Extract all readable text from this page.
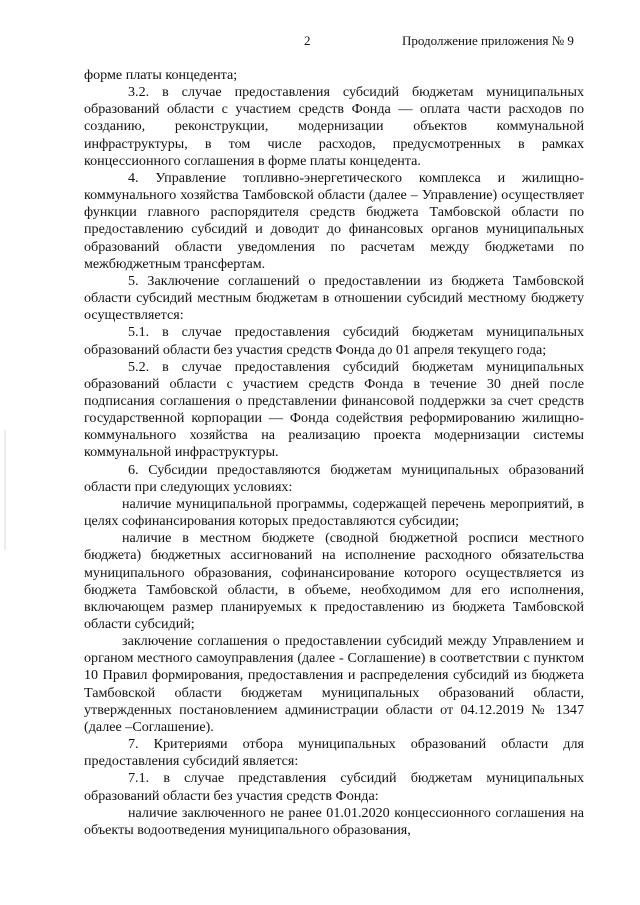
2	Продолжение приложения № 9

форме платы концедента;

3.2. в случае предоставления субсидий бюджетам муниципальных образований области с участием средств Фонда — оплата части расходов по созданию, реконструкции, модернизации объектов коммунальной инфраструктуры, в том числе расходов, предусмотренных в рамках концессионного соглашения в форме платы концедента.

4. Управление топливно-энергетического комплекса и жилищно-коммунального хозяйства Тамбовской области (далее – Управление) осуществляет функции главного распорядителя средств бюджета Тамбовской области по предоставлению субсидий и доводит до финансовых органов муниципальных образований области уведомления по расчетам между бюджетами по межбюджетным трансфертам.

5. Заключение соглашений о предоставлении из бюджета Тамбовской области субсидий местным бюджетам в отношении субсидий местному бюджету осуществляется:

5.1. в случае предоставления субсидий бюджетам муниципальных образований области без участия средств Фонда до 01 апреля текущего года;

5.2. в случае предоставления субсидий бюджетам муниципальных образований области с участием средств Фонда в течение 30 дней после подписания соглашения о представлении финансовой поддержки за счет средств государственной корпорации — Фонда содействия реформированию жилищно-коммунального хозяйства на реализацию проекта модернизации системы коммунальной инфраструктуры.

6. Субсидии предоставляются бюджетам муниципальных образований области при следующих условиях:

наличие муниципальной программы, содержащей перечень мероприятий, в целях софинансирования которых предоставляются субсидии;

наличие в местном бюджете (сводной бюджетной росписи местного бюджета) бюджетных ассигнований на исполнение расходного обязательства муниципального образования, софинансирование которого осуществляется из бюджета Тамбовской области, в объеме, необходимом для его исполнения, включающем размер планируемых к предоставлению из бюджета Тамбовской области субсидий;

заключение соглашения о предоставлении субсидий между Управлением и органом местного самоуправления (далее - Соглашение) в соответствии с пунктом 10 Правил формирования, предоставления и распределения субсидий из бюджета Тамбовской области бюджетам муниципальных образований области, утвержденных постановлением администрации области от 04.12.2019 № 1347 (далее –Соглашение).

7. Критериями отбора муниципальных образований области для предоставления субсидий является:

7.1. в случае представления субсидий бюджетам муниципальных образований области без участия средств Фонда:

наличие заключенного не ранее 01.01.2020 концессионного соглашения на объекты водоотведения муниципального образования,
